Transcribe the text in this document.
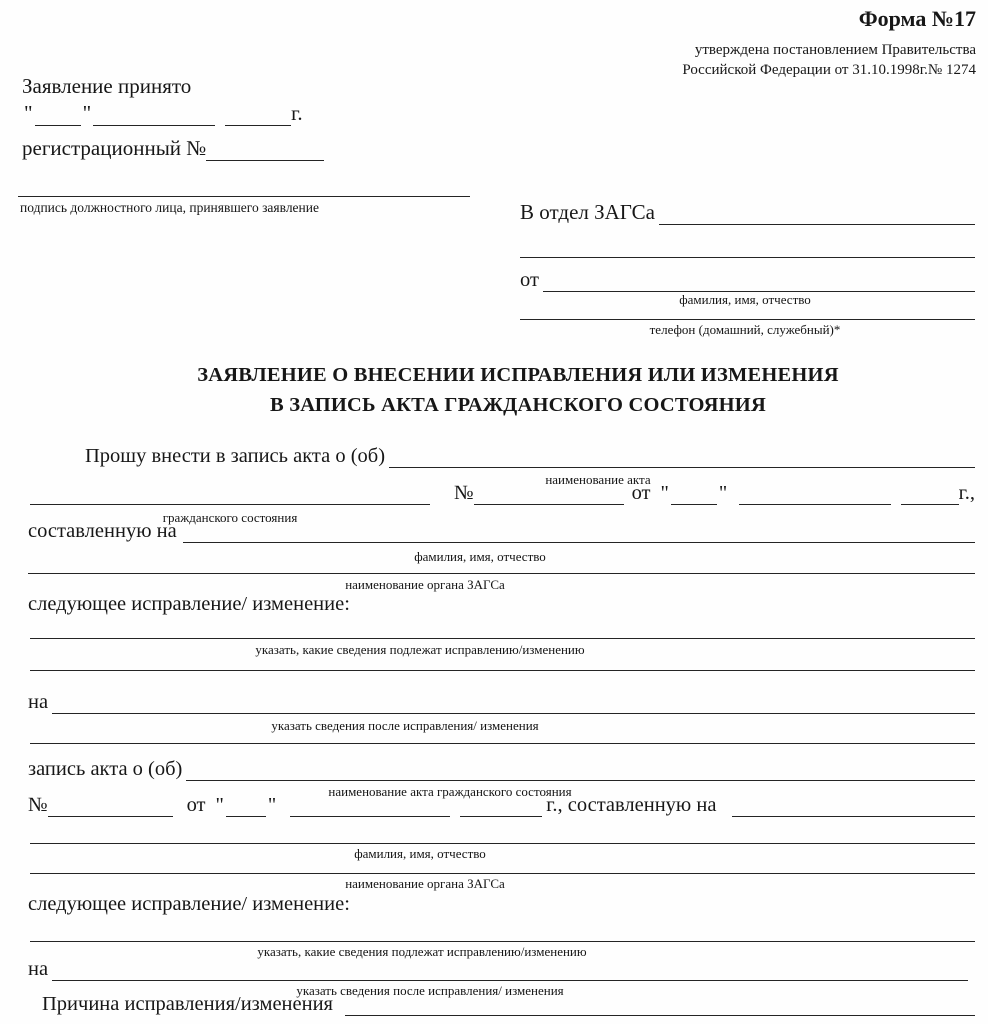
Форма №17
утверждена постановлением Правительства
Российской Федерации от 31.10.1998г.№ 1274
Заявление принято
" "	г.
регистрационный №
подпись должностного лица, принявшего заявление	В отдел ЗАГСа
от
фамилия, имя, отчество
телефон (домашний, служебный)*
ЗАЯВЛЕНИЕ О ВНЕСЕНИИ ИСПРАВЛЕНИЯ ИЛИ ИЗМЕНЕНИЯ
В ЗАПИСЬ АКТА ГРАЖДАНСКОГО СОСТОЯНИЯ
Прошу внести в запись акта о (об)
наименование акта
№	от " "	г.,
гражданского состояния
составленную на
фамилия, имя, отчество
наименование органа ЗАГСа
следующее исправление/ изменение:
указать, какие сведения подлежат исправлению/изменению
на
указать сведения после исправления/ изменения
запись акта о (об)
наименование акта гражданского состояния
№	от " "	г., составленную на
фамилия, имя, отчество
наименование органа ЗАГСа
следующее исправление/ изменение:
указать, какие сведения подлежат исправлению/изменению
на
указать сведения после исправления/ изменения
Причина исправления/изменения
